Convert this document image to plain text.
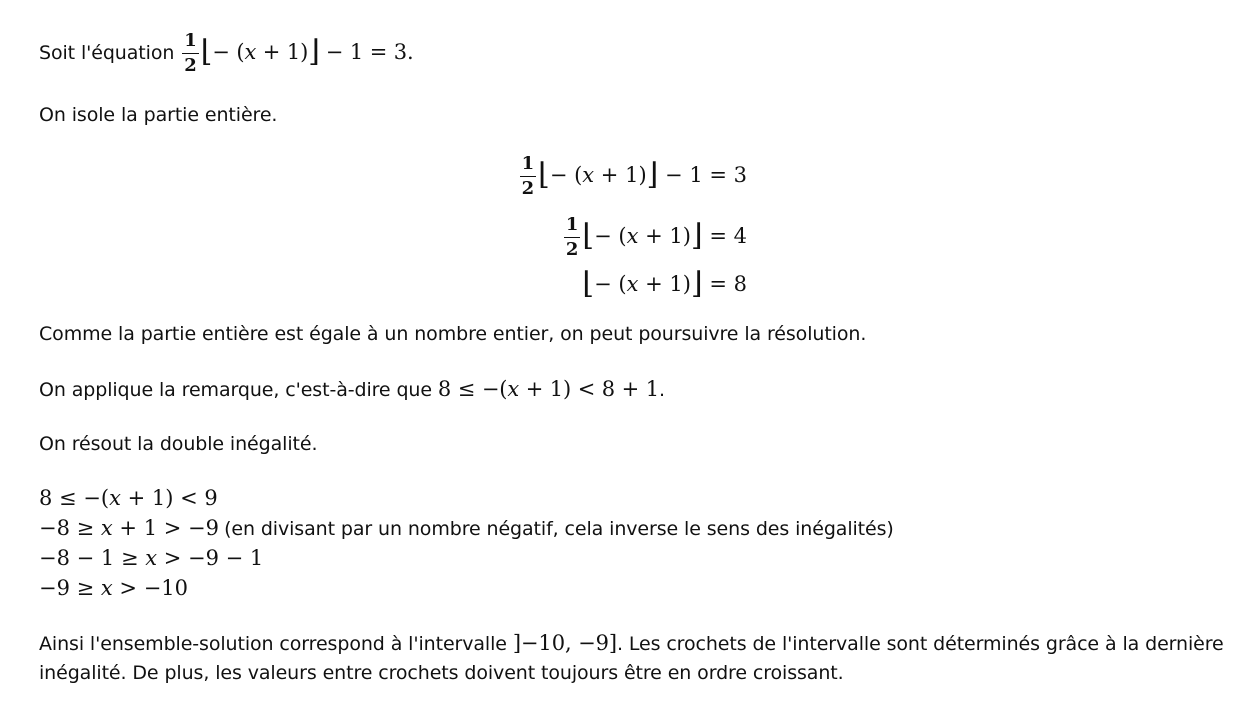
Soit l'équation $\frac{1}{2}$ ⌊− (𝑥 + 1)⌋ − 1 = 3.
On isole la partie entière.
$\frac{1}{2}$ ⌊− (𝑥 + 1)⌋ − 1 = 3
$\frac{1}{2}$ ⌊− (𝑥 + 1)⌋ = 4
⌊− (𝑥 + 1)⌋ = 8
Comme la partie entière est égale à un nombre entier, on peut poursuivre la résolution.
On applique la remarque, c'est-à-dire que 8 ≤ −(𝑥 + 1) < 8 + 1.
On résout la double inégalité.
8 ≤ −(𝑥 + 1) < 9
−8 ≥ 𝑥 + 1 > −9 (en divisant par un nombre négatif, cela inverse le sens des inégalités)
−8 − 1 ≥ 𝑥 > −9 − 1
−9 ≥ 𝑥 > −10
Ainsi l'ensemble-solution correspond à l'intervalle ]−10, −9]. Les crochets de l'intervalle sont déterminés grâce à la dernière
inégalité. De plus, les valeurs entre crochets doivent toujours être en ordre croissant.
